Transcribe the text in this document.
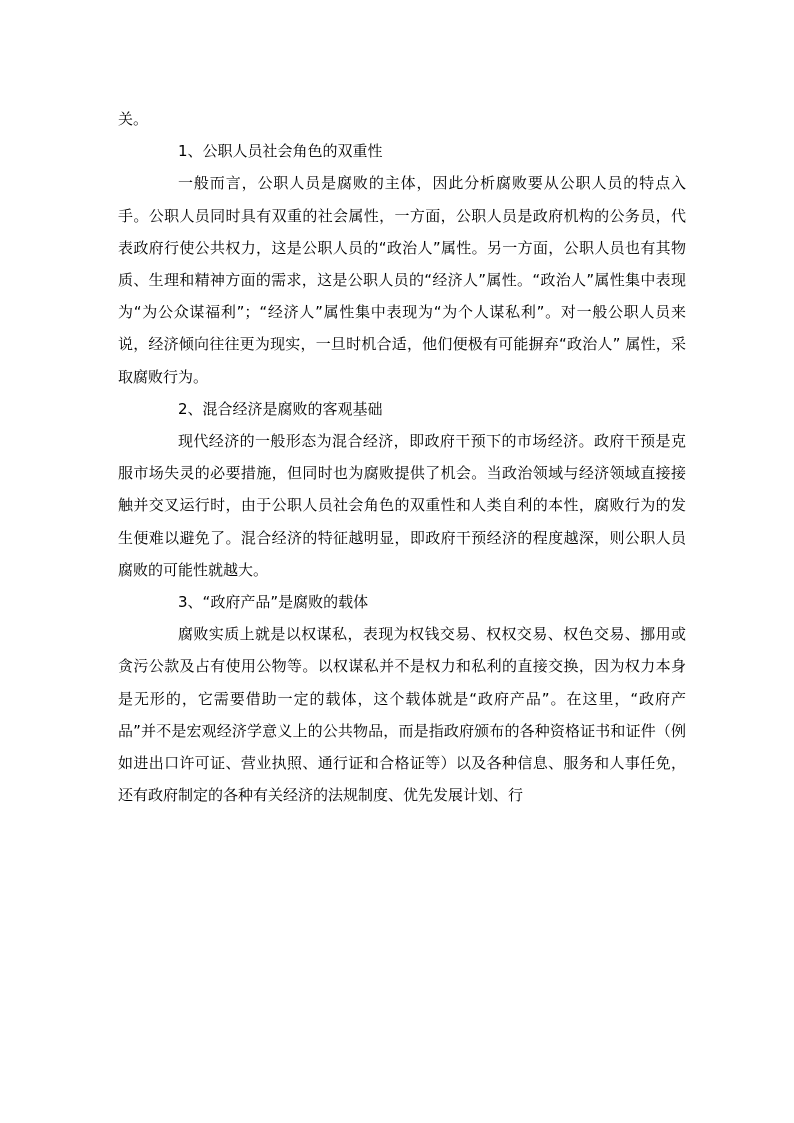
关。

1、公职人员社会角色的双重性

一般而言，公职人员是腐败的主体，因此分析腐败要从公职人员的特点入手。公职人员同时具有双重的社会属性，一方面，公职人员是政府机构的公务员，代表政府行使公共权力，这是公职人员的“政治人”属性。另一方面，公职人员也有其物质、生理和精神方面的需求，这是公职人员的“经济人”属性。“政治人”属性集中表现为“为公众谋福利”；“经济人”属性集中表现为“为个人谋私利”。对一般公职人员来说，经济倾向往往更为现实，一旦时机合适，他们便极有可能摒弃“政治人” 属性，采取腐败行为。

2、混合经济是腐败的客观基础

现代经济的一般形态为混合经济，即政府干预下的市场经济。政府干预是克服市场失灵的必要措施，但同时也为腐败提供了机会。当政治领域与经济领域直接接触并交叉运行时，由于公职人员社会角色的双重性和人类自利的本性，腐败行为的发生便难以避免了。混合经济的特征越明显，即政府干预经济的程度越深，则公职人员腐败的可能性就越大。

3、“政府产品”是腐败的载体

腐败实质上就是以权谋私，表现为权钱交易、权权交易、权色交易、挪用或贪污公款及占有使用公物等。以权谋私并不是权力和私利的直接交换，因为权力本身是无形的，它需要借助一定的载体，这个载体就是“政府产品”。在这里，“政府产品”并不是宏观经济学意义上的公共物品，而是指政府颁布的各种资格证书和证件（例如进出口许可证、营业执照、通行证和合格证等）以及各种信息、服务和人事任免，还有政府制定的各种有关经济的法规制度、优先发展计划、行
